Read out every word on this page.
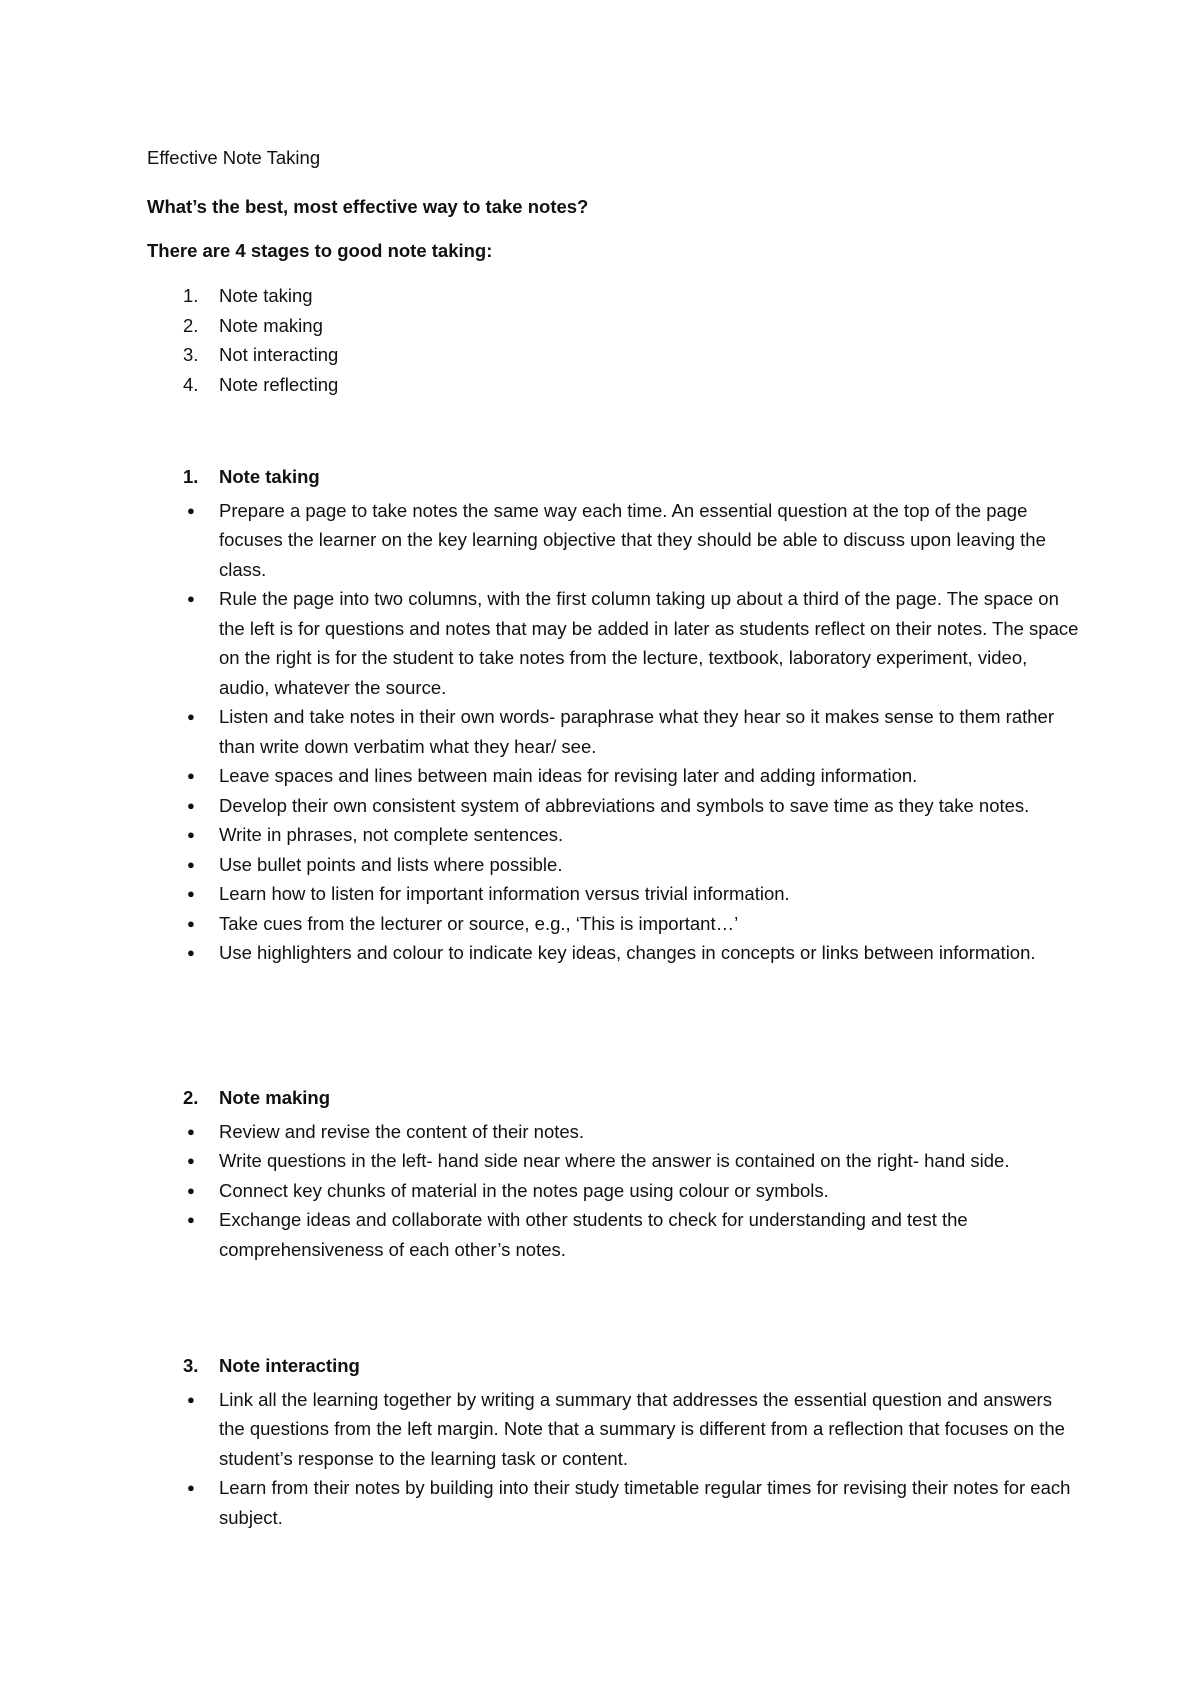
Effective Note Taking
What’s the best, most effective way to take notes?
There are 4 stages to good note taking:
1. Note taking
2. Note making
3. Not interacting
4. Note reflecting
1. Note taking
● Prepare a page to take notes the same way each time. An essential question at the top of the page focuses the learner on the key learning objective that they should be able to discuss upon leaving the class.
● Rule the page into two columns, with the first column taking up about a third of the page. The space on the left is for questions and notes that may be added in later as students reflect on their notes. The space on the right is for the student to take notes from the lecture, textbook, laboratory experiment, video, audio, whatever the source.
● Listen and take notes in their own words- paraphrase what they hear so it makes sense to them rather than write down verbatim what they hear/ see.
● Leave spaces and lines between main ideas for revising later and adding information.
● Develop their own consistent system of abbreviations and symbols to save time as they take notes.
● Write in phrases, not complete sentences.
● Use bullet points and lists where possible.
● Learn how to listen for important information versus trivial information.
● Take cues from the lecturer or source, e.g., ‘This is important…’
● Use highlighters and colour to indicate key ideas, changes in concepts or links between information.
2. Note making
● Review and revise the content of their notes.
● Write questions in the left- hand side near where the answer is contained on the right- hand side.
● Connect key chunks of material in the notes page using colour or symbols.
● Exchange ideas and collaborate with other students to check for understanding and test the comprehensiveness of each other’s notes.
3. Note interacting
● Link all the learning together by writing a summary that addresses the essential question and answers the questions from the left margin. Note that a summary is different from a reflection that focuses on the student’s response to the learning task or content.
● Learn from their notes by building into their study timetable regular times for revising their notes for each subject.
